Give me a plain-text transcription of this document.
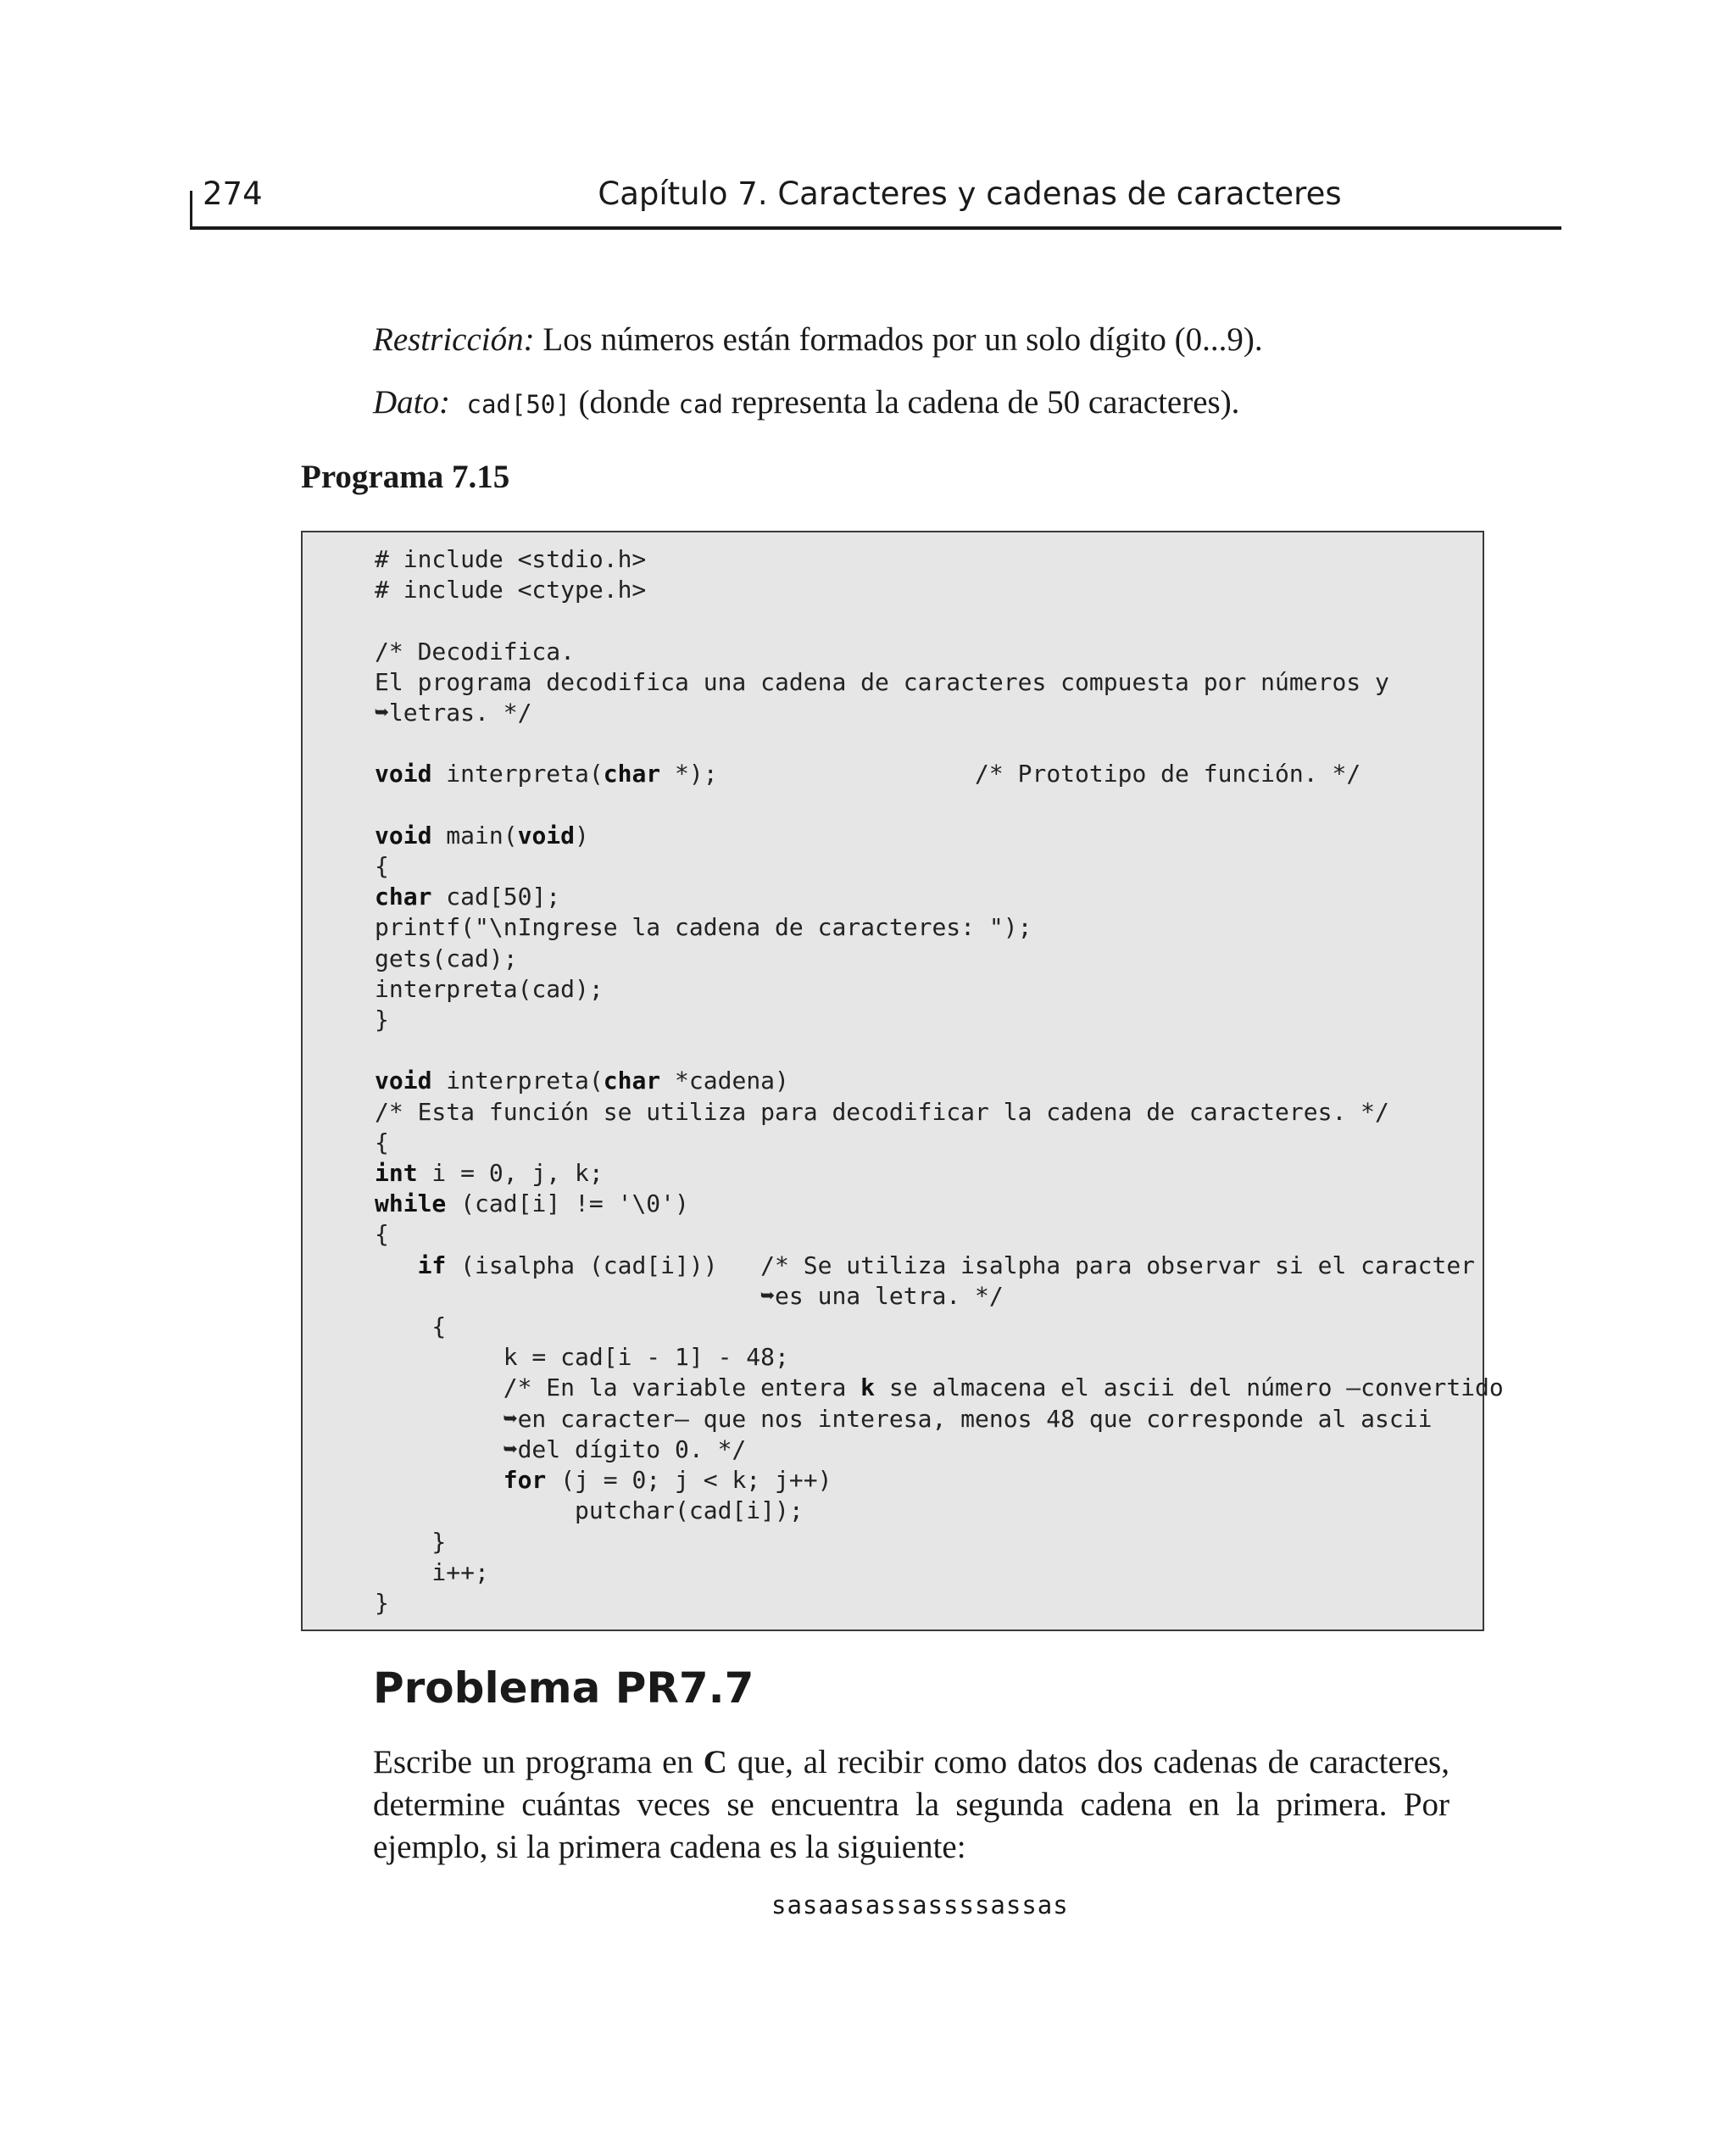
274	Capítulo 7. Caracteres y cadenas de caracteres
Restricción: Los números están formados por un solo dígito (0...9).
Dato: cad[50] (donde cad representa la cadena de 50 caracteres).
Programa 7.15
# include <stdio.h>
# include <ctype.h>

/* Decodifica.
El programa decodifica una cadena de caracteres compuesta por números y
➥letras. */

void interpreta(char *);                  /* Prototipo de función. */

void main(void)
{
char cad[50];
printf("\nIngrese la cadena de caracteres: ");
gets(cad);
interpreta(cad);
}

void interpreta(char *cadena)
/* Esta función se utiliza para decodificar la cadena de caracteres. */
{
int i = 0, j, k;
while (cad[i] != '\0')
{
if (isalpha (cad[i]))   /* Se utiliza isalpha para observar si el caracter
➥es una letra. */
{
k = cad[i - 1] - 48;
/* En la variable entera k se almacena el ascii del número —convertido
➥en caracter— que nos interesa, menos 48 que corresponde al ascii
➥del dígito 0. */
for (j = 0; j < k; j++)
putchar(cad[i]);
}
i++;
}

Problema PR7.7
Escribe un programa en C que, al recibir como datos dos cadenas de caracteres, determine cuántas veces se encuentra la segunda cadena en la primera. Por ejemplo, si la primera cadena es la siguiente:
sasaasassassssassas
